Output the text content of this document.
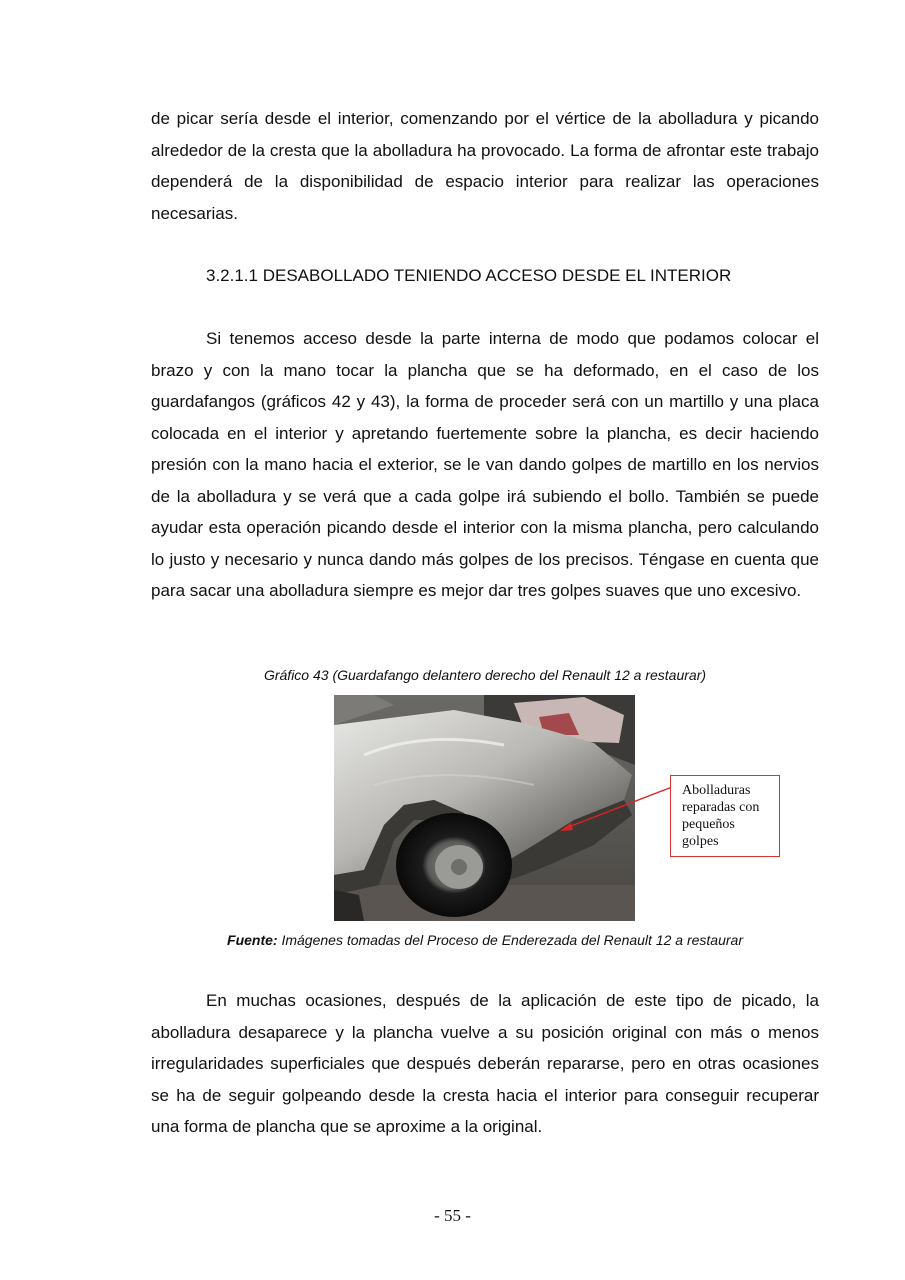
de picar sería desde el interior, comenzando por el vértice de la abolladura y picando alrededor de la cresta que la abolladura ha provocado. La forma de afrontar este trabajo dependerá de la disponibilidad de espacio interior para realizar las operaciones necesarias.

3.2.1.1 DESABOLLADO TENIENDO ACCESO DESDE EL INTERIOR

Si tenemos acceso desde la parte interna de modo que podamos colocar el brazo y con la mano tocar la plancha que se ha deformado, en el caso de los guardafangos (gráficos 42 y 43), la forma de proceder será con un martillo y una placa colocada en el interior y apretando fuertemente sobre la plancha, es decir haciendo presión con la mano hacia el exterior, se le van dando golpes de martillo en los nervios de la abolladura y se verá que a cada golpe irá subiendo el bollo. También se puede ayudar esta operación picando desde el interior con la misma plancha, pero calculando lo justo y necesario y nunca dando más golpes de los precisos. Téngase en cuenta que para sacar una abolladura siempre es mejor dar tres golpes suaves que uno excesivo.

Gráfico 43 (Guardafango delantero derecho del Renault 12 a restaurar)

Abolladuras reparadas con pequeños golpes

Fuente: Imágenes tomadas del Proceso de Enderezada del Renault 12 a restaurar

En muchas ocasiones, después de la aplicación de este tipo de picado, la abolladura desaparece y la plancha vuelve a su posición original con más o menos irregularidades superficiales que después deberán repararse, pero en otras ocasiones se ha de seguir golpeando desde la cresta hacia el interior para conseguir recuperar una forma de plancha que se aproxime a la original.

- 55 -
